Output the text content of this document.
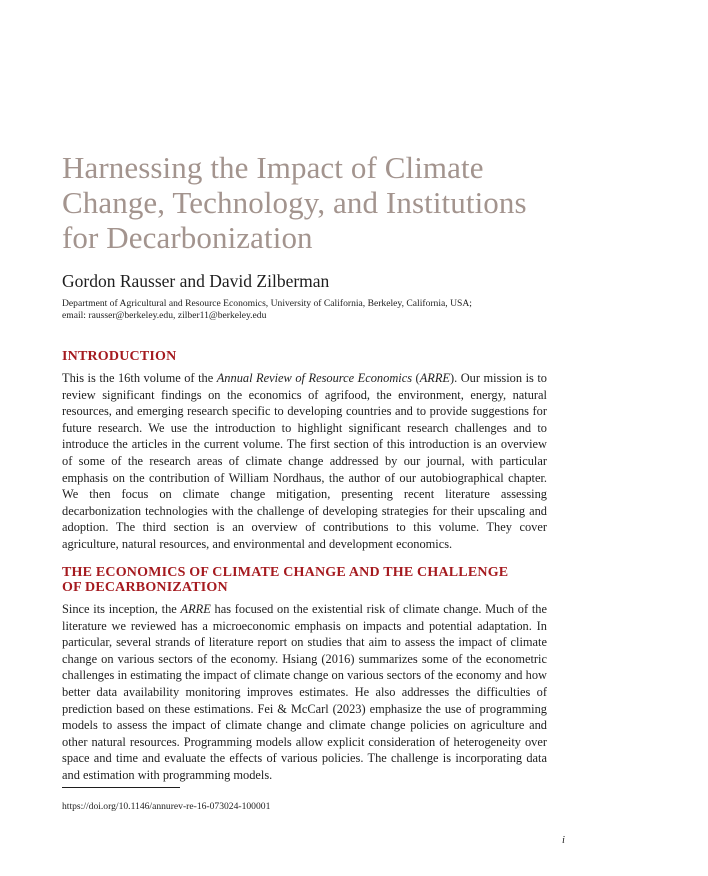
Harnessing the Impact of Climate
Change, Technology, and Institutions
for Decarbonization

Gordon Rausser and David Zilberman

Department of Agricultural and Resource Economics, University of California, Berkeley, California, USA;

email: rausser@berkeley.edu, zilber11@berkeley.edu

INTRODUCTION

This is the 16th volume of the Annual Review of Resource Economics (ARRE). Our mission is to review significant findings on the economics of agrifood, the environment, energy, natural resources, and emerging research specific to developing countries and to provide suggestions for future research. We use the introduction to highlight significant research challenges and to introduce the articles in the current volume. The first section of this introduction is an overview of some of the research areas of climate change addressed by our journal, with particular emphasis on the contribution of William Nordhaus, the author of our autobiographical chapter. We then focus on climate change mitigation, presenting recent literature assessing decarbonization technologies with the challenge of developing strategies for their upscaling and adoption. The third section is an overview of contributions to this volume. They cover agriculture, natural resources, and environmental and development economics.

THE ECONOMICS OF CLIMATE CHANGE AND THE CHALLENGE
OF DECARBONIZATION

Since its inception, the ARRE has focused on the existential risk of climate change. Much of the literature we reviewed has a microeconomic emphasis on impacts and potential adaptation. In particular, several strands of literature report on studies that aim to assess the impact of climate change on various sectors of the economy. Hsiang (2016) summarizes some of the econometric challenges in estimating the impact of climate change on various sectors of the economy and how better data availability monitoring improves estimates. He also addresses the difficulties of prediction based on these estimations. Fei & McCarl (2023) emphasize the use of programming models to assess the impact of climate change and climate change policies on agriculture and other natural resources. Programming models allow explicit consideration of heterogeneity over space and time and evaluate the effects of various policies. The challenge is incorporating data and estimation with programming models.

https://doi.org/10.1146/annurev-re-16-073024-100001
i
